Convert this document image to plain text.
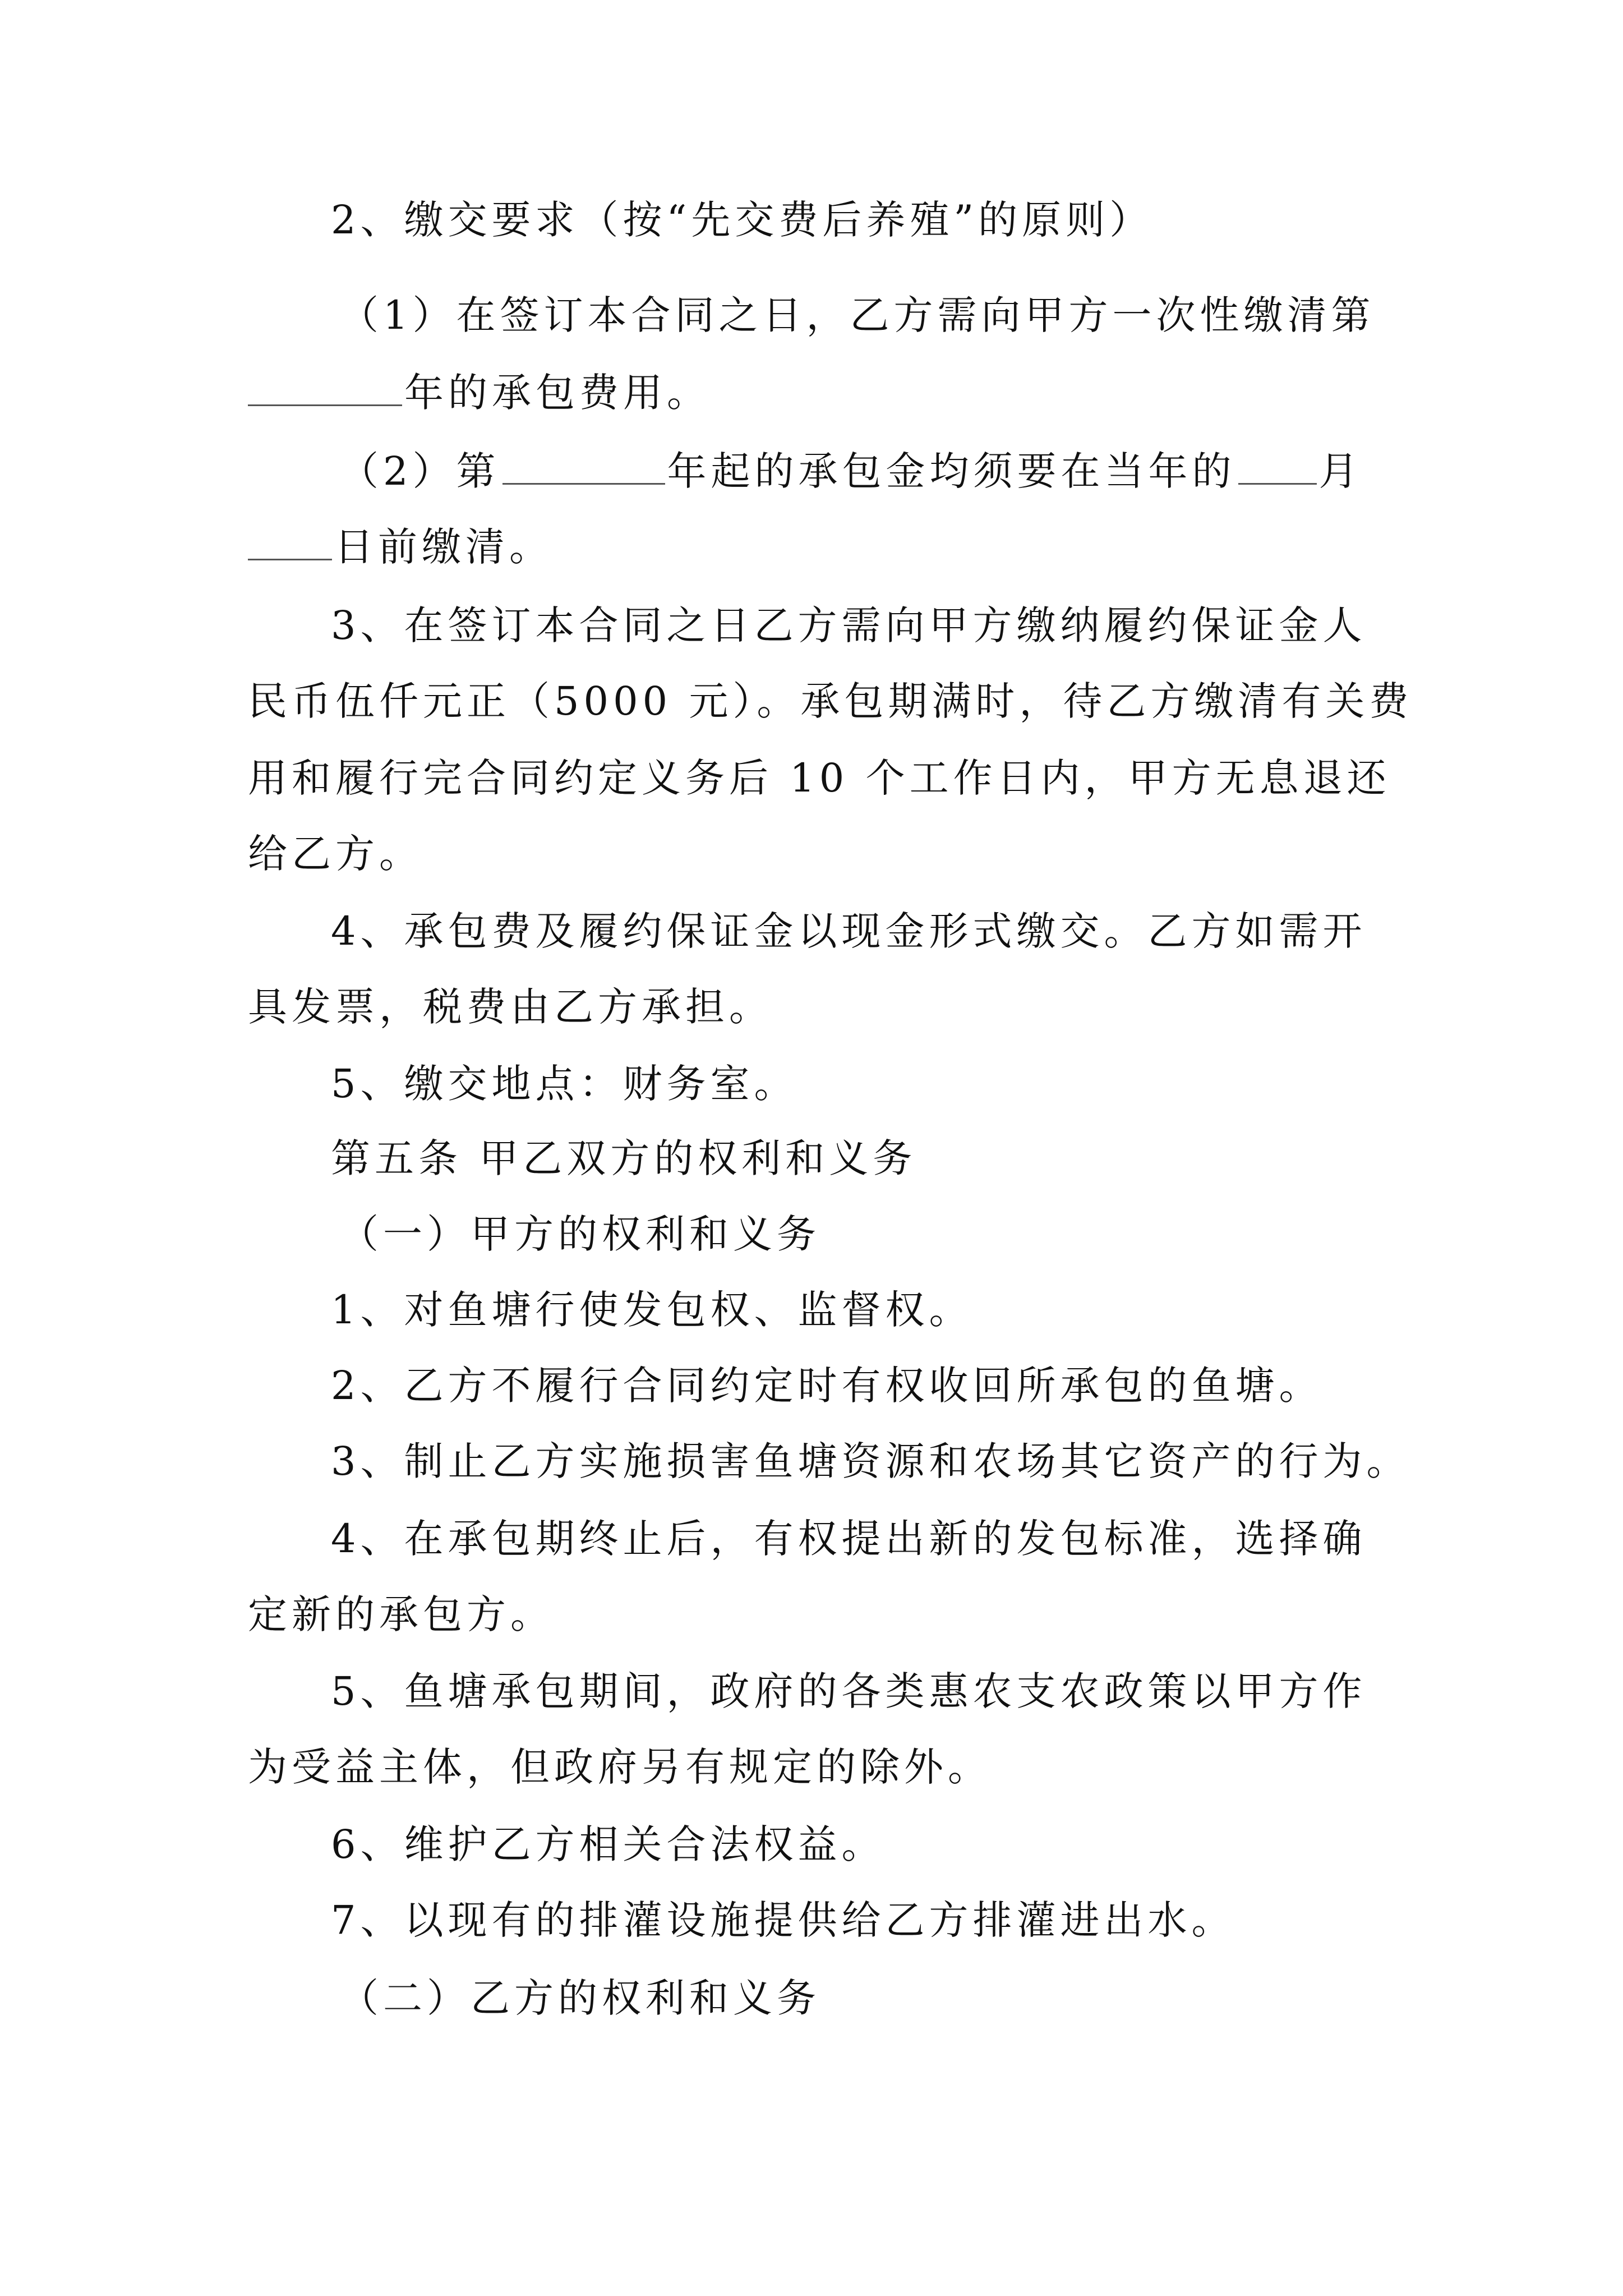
2、缴交要求（按“先交费后养殖”的原则）
（1）在签订本合同之日，乙方需向甲方一次性缴清第
年的承包费用。
（2）第	年起的承包金均须要在当年的 月
日前缴清。
3、在签订本合同之日乙方需向甲方缴纳履约保证金人
民币伍仟元正（5000 元）。承包期满时，待乙方缴清有关费
用和履行完合同约定义务后 10 个工作日内，甲方无息退还
给乙方。
4、承包费及履约保证金以现金形式缴交。乙方如需开
具发票，税费由乙方承担。
5、缴交地点：财务室。
第五条 甲乙双方的权利和义务
（一）甲方的权利和义务
1、对鱼塘行使发包权、监督权。
2、乙方不履行合同约定时有权收回所承包的鱼塘。
3、制止乙方实施损害鱼塘资源和农场其它资产的行为。
4、在承包期终止后，有权提出新的发包标准，选择确
定新的承包方。
5、鱼塘承包期间，政府的各类惠农支农政策以甲方作
为受益主体，但政府另有规定的除外。
6、维护乙方相关合法权益。
7、以现有的排灌设施提供给乙方排灌进出水。
（二）乙方的权利和义务
